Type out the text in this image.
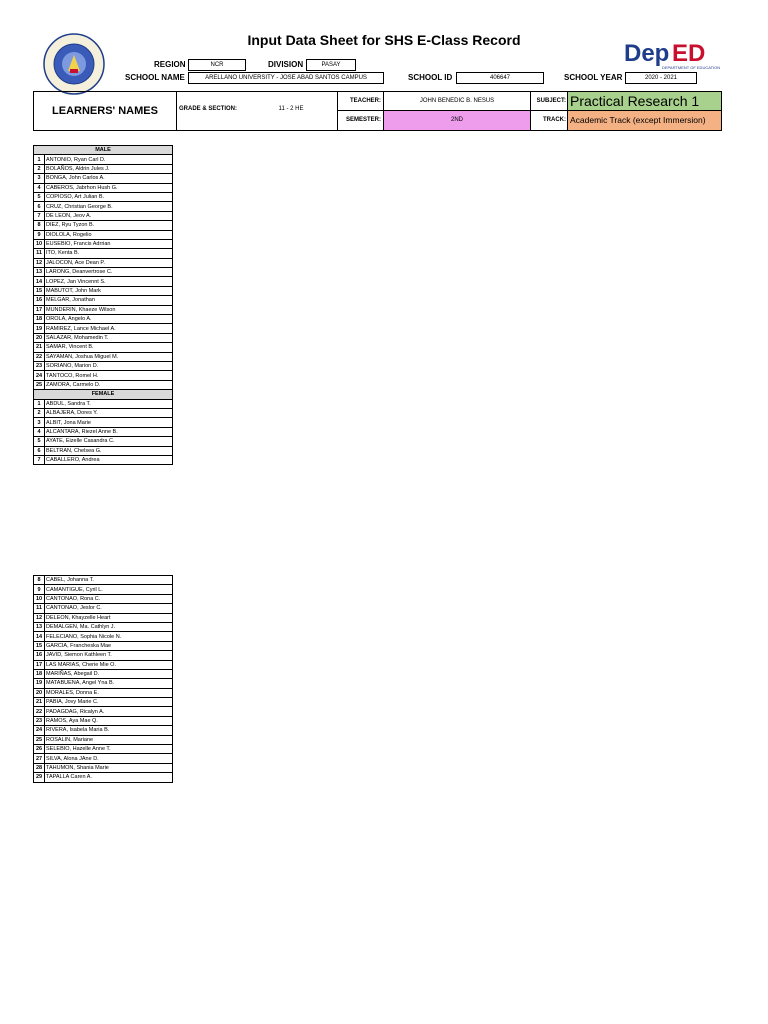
Input Data Sheet for SHS E-Class Record	Dep ED
DEPARTMENT OF EDUCATION
REGION	NCR	DIVISION	PASAY
SCHOOL NAME	ARELLANO UNIVERSITY - JOSE ABAD SANTOS CAMPUS	SCHOOL ID	406647	SCHOOL YEAR	2020 - 2021
LEARNERS' NAMES	GRADE & SECTION:	11 - 2 HE
TEACHER:	JOHN BENEDIC B. NESUS
SEMESTER:	2ND
SUBJECT: Practical Research 1
TRACK: Academic Track (except Immersion)
MALE	
1	ANTONIO, Ryan Carl D.
2	BOLAÑOS, Aldrin Jules J.
3	BONGA, John Carlos A.
4	CABEROS, Jabrhon Hush G.
5	COPIOSO, Art Julian B.
6	CRUZ, Christian George B.
7	DE LEON, Jeov A.
8	DIEZ, Ryu Tyzon B.
9	DIOLOLA, Rogelio
10	EUSEBIO, Francis Adrrian
11	ITO, Kenta B.
12	JALOCON, Ace Dean P.
13	LARONG, Deanvertrose C.
14	LOPEZ, Jan Vincennt S.
15	MABUTOT, John Mark
16	MELGAR, Jonathan
17	MUNDERIN, Khaeze Wilson
18	OROLA, Angelo A.
19	RAMIREZ, Lance Michael A.
20	SALAZAR, Mohamedin T.
21	SAMAR, Vincent B.
22	SAYAMAN, Joshua Miguel M.
23	SORIANO, Marion D.
24	TANTOCO, Romel H.
25	ZAMORA, Carmelo D.
FEMALE	
1	ABDUL, Sandra T.
2	ALBAJERA, Dores Y.
3	ALBIT, Jona Marie
4	ALCANTARA, Riezel Anne B.
5	AYATE, Eizelle Casandra C.
6	BELTRAN, Chelsea G.
7	CABALLERO, Andrea
8	CABEL, Johanna T.
9	CAMANTIGUE, Cyril L.
10	CANTONAO, Rona C.
11	CANTONAO, Jeslor C.
12	DELEON, Khayzelle Heart
13	DEMALGEN, Ma. Cathlyn J.
14	FELECIANO, Sophia Nicole N.
15	GARCIA, Francheska Mae
16	JAVID, Siemon Kathleen T.
17	LAS MARIAS, Cherie Mie O.
18	MARIÑAS, Abegail D.
19	MATABUENA, Angel Yna B.
20	MORALES, Donna E.
21	PABIA, Jovy Marie C.
22	PADAGDAG, Ricalyn A.
23	RAMOS, Aya Mae Q.
24	RIVERA, Isabela Maria B.
25	ROSALIN, Mariane
26	SELEBIO, Hazelle Anne T.
27	SILVA, Alona JAne D.
28	TAHUMON, Shania Marie
29	TAPALLA Caren A.
